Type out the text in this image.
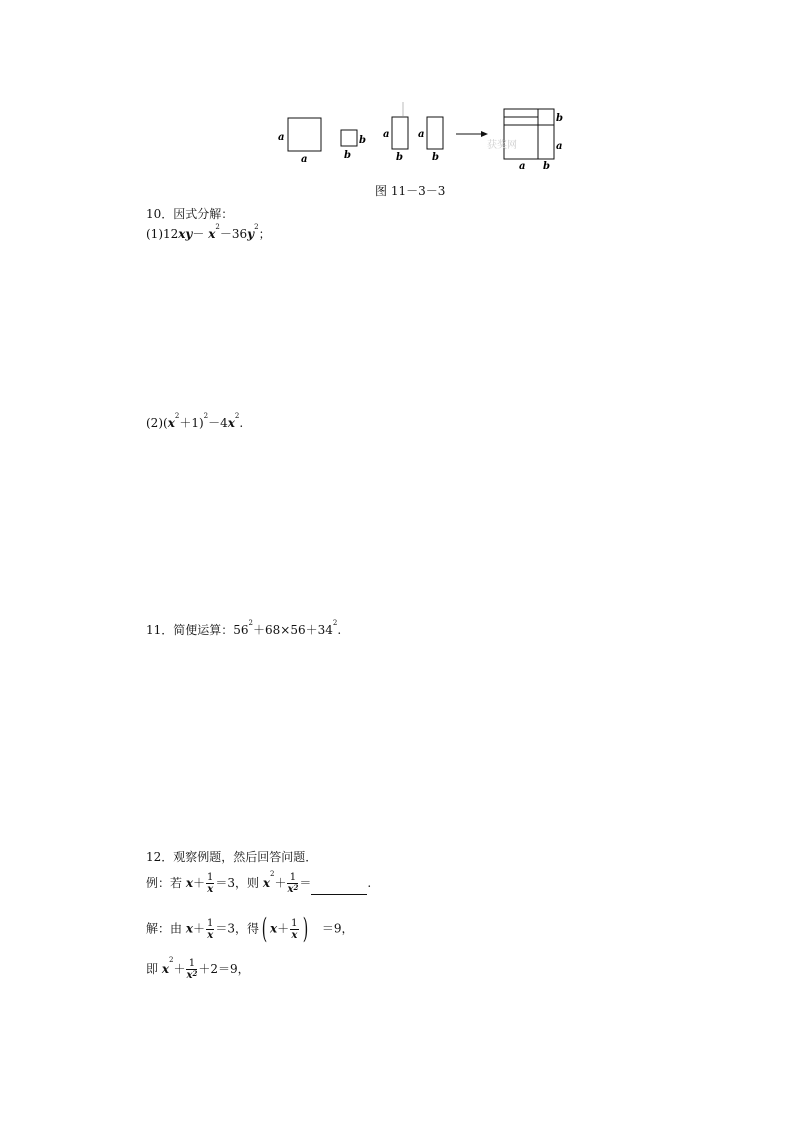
a
a
b
b
a
b
a
b
获奖网
b
a
a b
图 11－3－3
10．因式分解：
$(1)12xy- x^2-36y^2$；
$(2)(x^2+1)^2-4x^2$.
11．简便运算：$56^2+68\times 56+34^2$.
12．观察例题，然后回答问题．
例：若 $x+ \frac{1}{x} =3$，则 $x^2+ \frac{1}{x^2}$ ＝	.
解：由 $x+ \frac{1}{x} =3$，得( $x+ \frac{1}{x}$ ) ＝9，
即 $x^2+ \frac{1}{x^2} +2=9$，
